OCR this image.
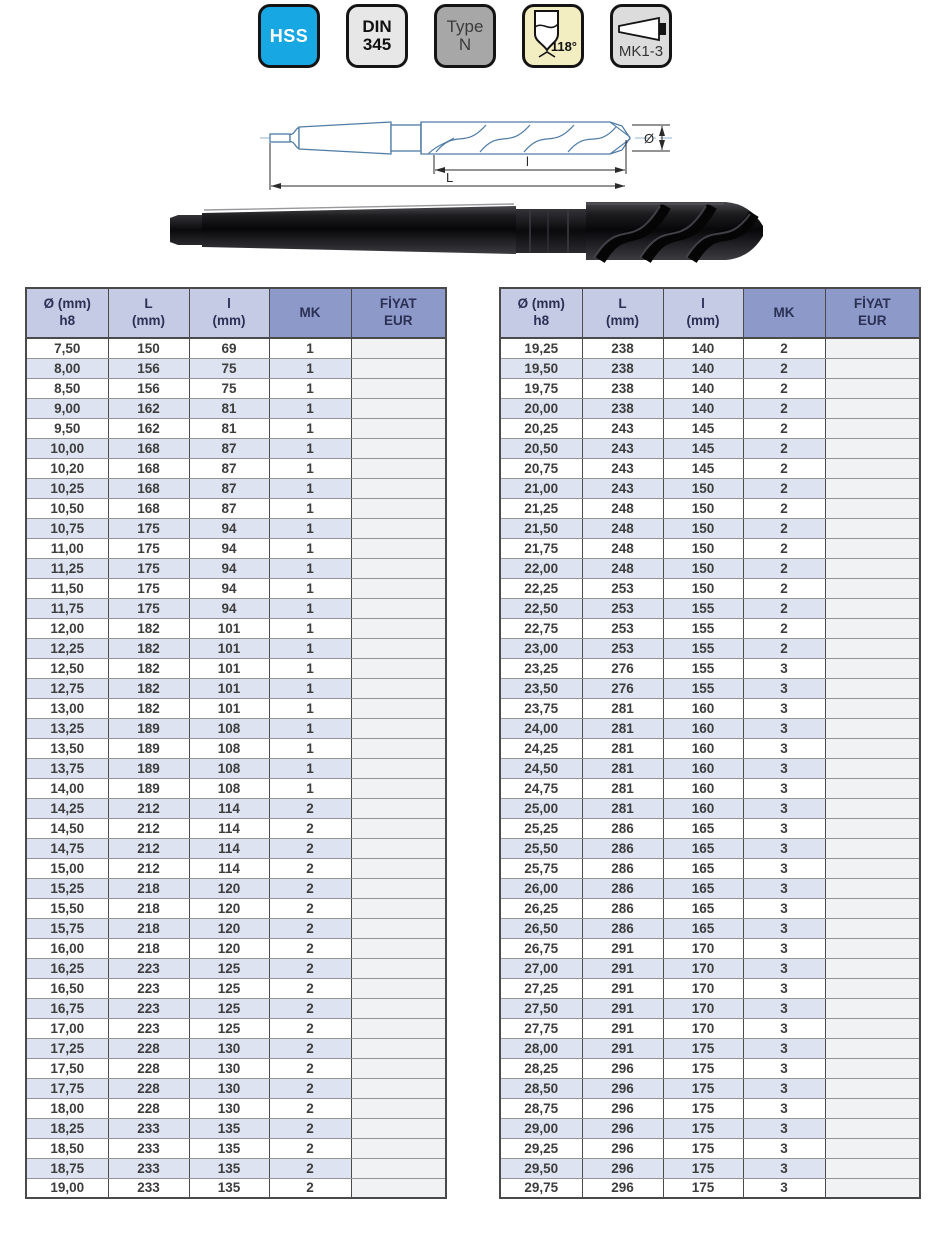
HSS	DIN
345
Type
N	118°	MK1-3
Ø
l
L
Ø (mm)
h8	L
(mm)	l
(mm)	MK	FİYAT
EUR

7,50	150	69	1	
8,00	156	75	1	
8,50	156	75	1	
9,00	162	81	1	
9,50	162	81	1	
10,00	168	87	1	
10,20	168	87	1	
10,25	168	87	1	
10,50	168	87	1	
10,75	175	94	1	
11,00	175	94	1	
11,25	175	94	1	
11,50	175	94	1	
11,75	175	94	1	
12,00	182	101	1	
12,25	182	101	1	
12,50	182	101	1	
12,75	182	101	1	
13,00	182	101	1	
13,25	189	108	1	
13,50	189	108	1	
13,75	189	108	1	
14,00	189	108	1	
14,25	212	114	2	
14,50	212	114	2	
14,75	212	114	2	
15,00	212	114	2	
15,25	218	120	2	
15,50	218	120	2	
15,75	218	120	2	
16,00	218	120	2	
16,25	223	125	2	
16,50	223	125	2	
16,75	223	125	2	
17,00	223	125	2	
17,25	228	130	2	
17,50	228	130	2	
17,75	228	130	2	
18,00	228	130	2	
18,25	233	135	2	
18,50	233	135	2	
18,75	233	135	2	
19,00	233	135	2	
Ø (mm)
h8	L
(mm)	l
(mm)	MK	FİYAT
EUR

19,25	238	140	2	
19,50	238	140	2	
19,75	238	140	2	
20,00	238	140	2	
20,25	243	145	2	
20,50	243	145	2	
20,75	243	145	2	
21,00	243	150	2	
21,25	248	150	2	
21,50	248	150	2	
21,75	248	150	2	
22,00	248	150	2	
22,25	253	150	2	
22,50	253	155	2	
22,75	253	155	2	
23,00	253	155	2	
23,25	276	155	3	
23,50	276	155	3	
23,75	281	160	3	
24,00	281	160	3	
24,25	281	160	3	
24,50	281	160	3	
24,75	281	160	3	
25,00	281	160	3	
25,25	286	165	3	
25,50	286	165	3	
25,75	286	165	3	
26,00	286	165	3	
26,25	286	165	3	
26,50	286	165	3	
26,75	291	170	3	
27,00	291	170	3	
27,25	291	170	3	
27,50	291	170	3	
27,75	291	170	3	
28,00	291	175	3	
28,25	296	175	3	
28,50	296	175	3	
28,75	296	175	3	
29,00	296	175	3	
29,25	296	175	3	
29,50	296	175	3	
29,75	296	175	3	
